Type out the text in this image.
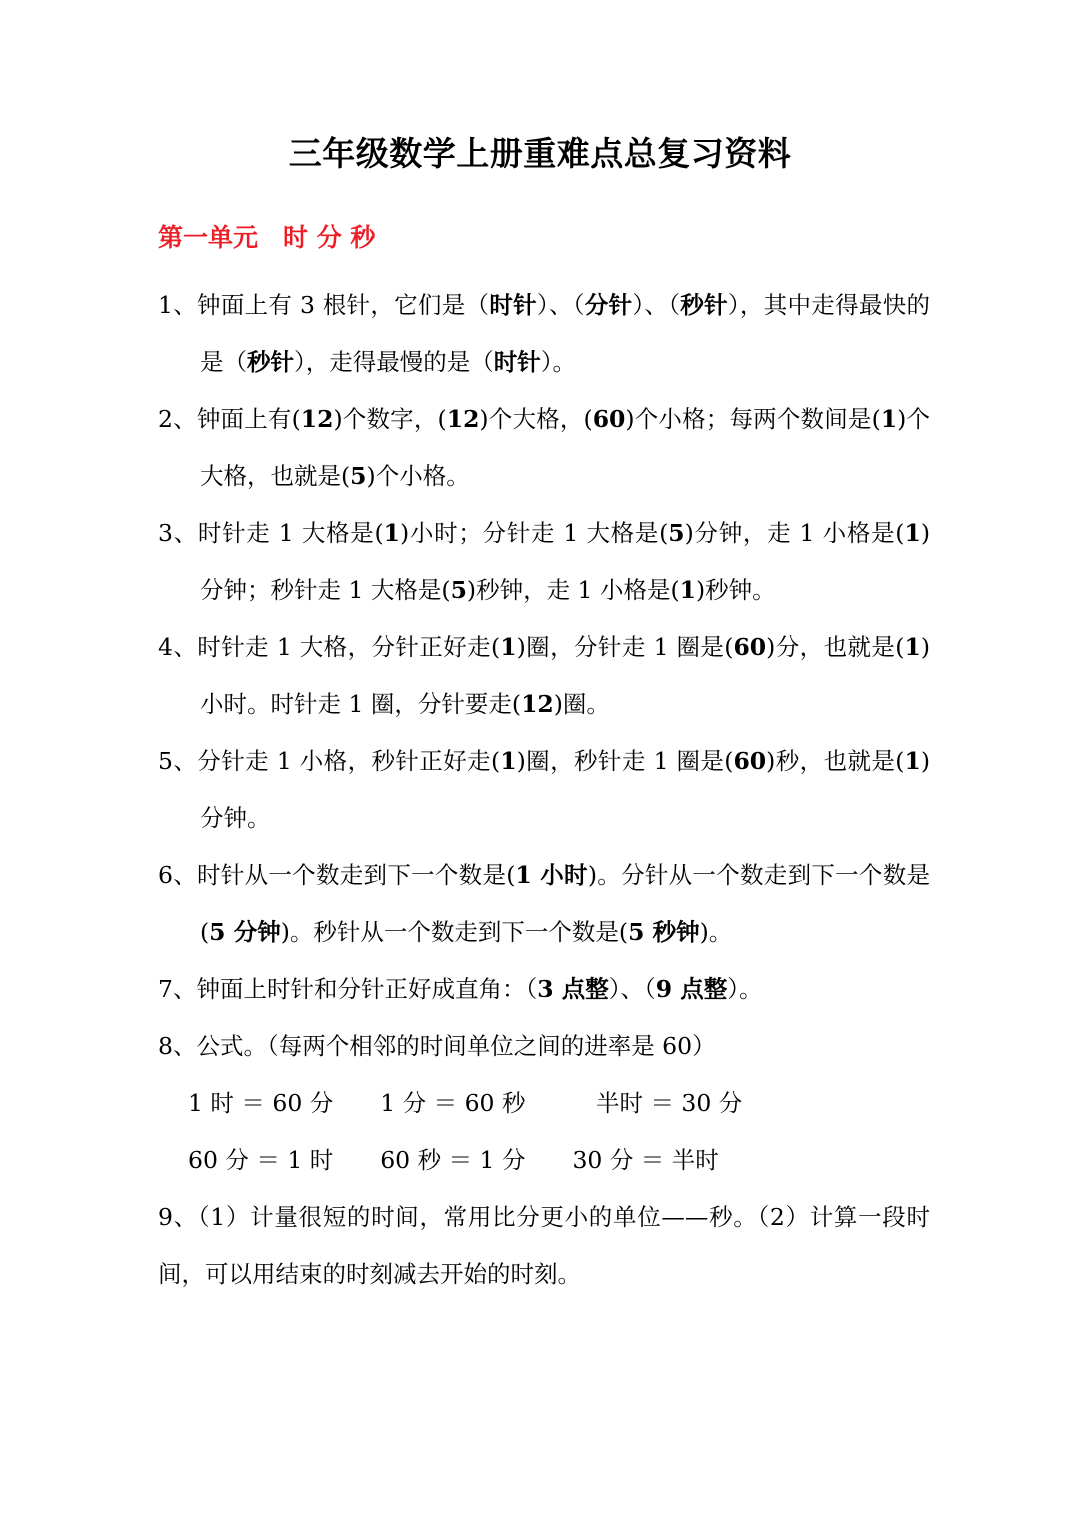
三年级数学上册重难点总复习资料
第一单元　时 分 秒

1、钟面上有 3 根针，它们是（时针）、（分针）、（秒针），其中走得最快的是（秒针），走得最慢的是（时针）。

2、钟面上有(12)个数字，(12)个大格，(60)个小格；每两个数间是(1)个大格，也就是(5)个小格。

3、时针走 1 大格是(1)小时；分针走 1 大格是(5)分钟，走 1 小格是(1)分钟；秒针走 1 大格是(5)秒钟，走 1 小格是(1)秒钟。

4、时针走 1 大格，分针正好走(1)圈，分针走 1 圈是(60)分，也就是(1)小时。时针走 1 圈，分针要走(12)圈。

5、分针走 1 小格，秒针正好走(1)圈，秒针走 1 圈是(60)秒，也就是(1)分钟。

6、时针从一个数走到下一个数是(1 小时)。分针从一个数走到下一个数是(5 分钟)。秒针从一个数走到下一个数是(5 秒钟)。

7、钟面上时针和分针正好成直角：（3 点整）、（9 点整）。

8、公式。（每两个相邻的时间单位之间的进率是 60）

1 时 ＝ 60 分　　1 分 ＝ 60 秒　　　半时 ＝ 30 分
60 分 ＝ 1 时　　60 秒 ＝ 1 分　　30 分 ＝ 半时

9、（1）计量很短的时间，常用比分更小的单位——秒。（2）计算一段时间，可以用结束的时刻减去开始的时刻。
